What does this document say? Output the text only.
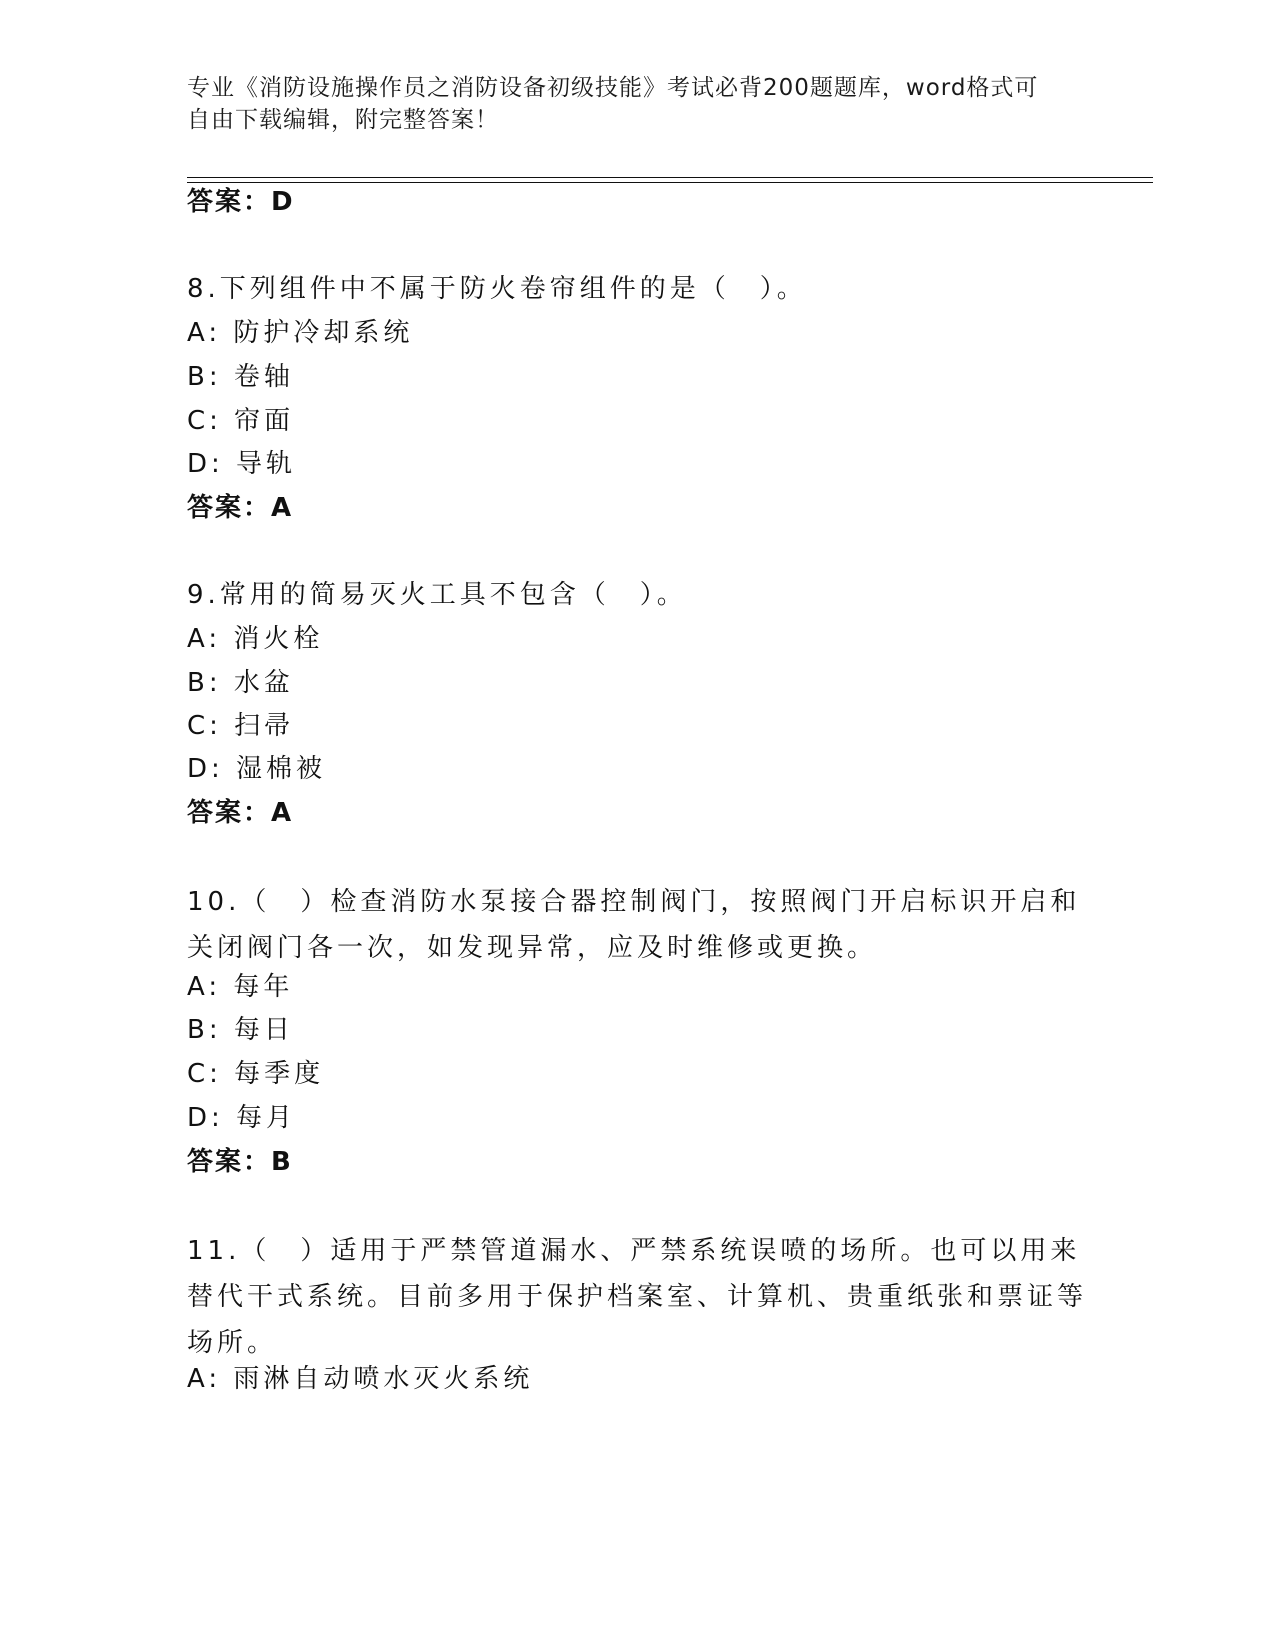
专业《消防设施操作员之消防设备初级技能》考试必背200题题库，word格式可
自由下载编辑，附完整答案！
答案：D
8.下列组件中不属于防火卷帘组件的是（　）。
A: 防护冷却系统
B: 卷轴
C: 帘面
D: 导轨
答案：A
9.常用的简易灭火工具不包含（　）。
A: 消火栓
B: 水盆
C: 扫帚
D: 湿棉被
答案：A
10.（　）检查消防水泵接合器控制阀门，按照阀门开启标识开启和关闭阀门各一次，如发现异常，应及时维修或更换。
A: 每年
B: 每日
C: 每季度
D: 每月
答案：B
11.（　）适用于严禁管道漏水、严禁系统误喷的场所。也可以用来替代干式系统。目前多用于保护档案室、计算机、贵重纸张和票证等场所。
A: 雨淋自动喷水灭火系统
